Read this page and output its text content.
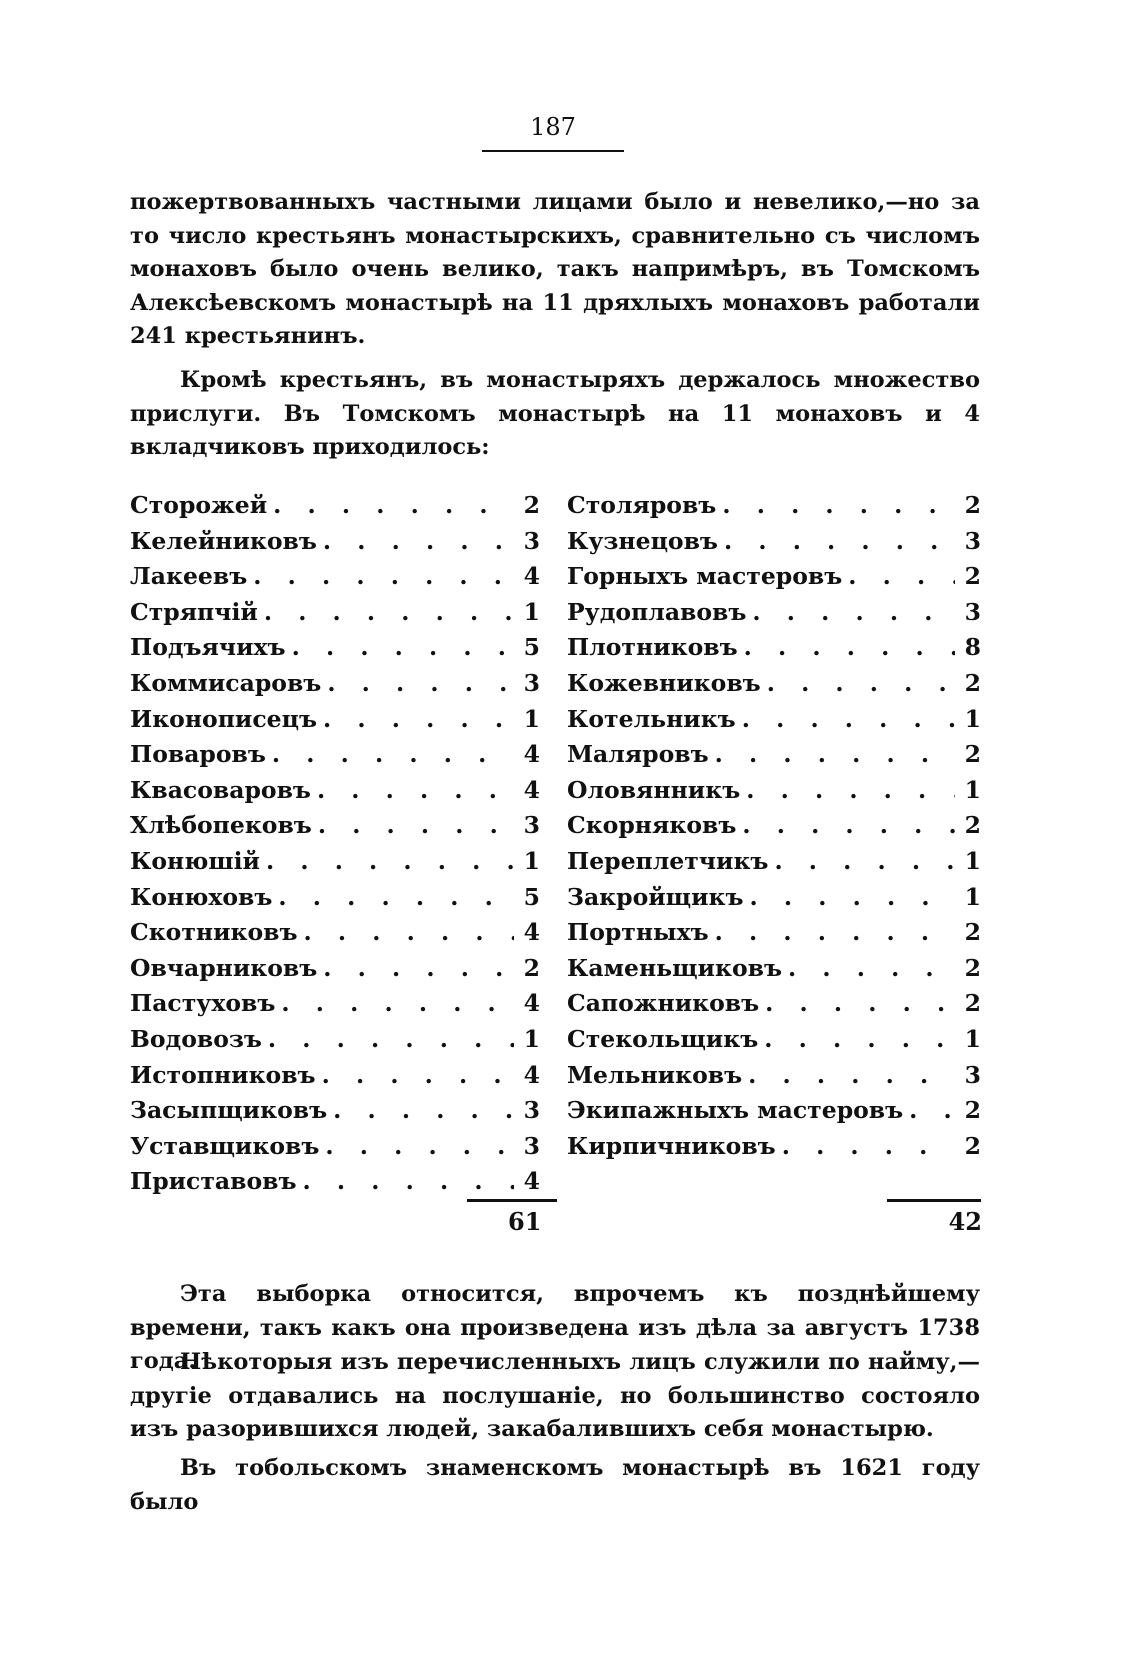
187

пожертвованныхъ частными лицами было и невелико,—но за то число крестьянъ монастырскихъ, сравнительно съ числомъ монаховъ было очень велико, такъ напримѣръ, въ Томскомъ Алексѣевскомъ монастырѣ на 11 дряхлыхъ монаховъ работали 241 крестьянинъ.

Кромѣ крестьянъ, въ монастыряхъ держалось множество прислуги. Въ Томскомъ монастырѣ на 11 монаховъ и 4 вкладчиковъ приходилось:

Сторожей . . .	2
Келейниковъ . . .	3
Лакеевъ . . .	4
Стряпчій . . .	1
Подъячихъ . . .	5
Коммисаровъ . . .	3
Иконописецъ . . .	1
Поваровъ . . .	4
Квасоваровъ . . .	4
Хлѣбопековъ . . .	3
Конюшій . . .	1
Конюховъ . . .	5
Скотниковъ . . .	4
Овчарниковъ . . .	2
Пастуховъ . . .	4
Водовозъ . . .	1
Истопниковъ . . .	4
Засыпщиковъ . . .	3
Уставщиковъ . . .	3
Приставовъ . . .	4
Столяровъ . . .	2
Кузнецовъ . . .	3
Горныхъ мастеровъ . . .	2
Рудоплавовъ . . .	3
Плотниковъ . . .	8
Кожевниковъ . . .	2
Котельникъ . . .	1
Маляровъ . . .	2
Оловянникъ . . .	1
Скорняковъ . . .	2
Переплетчикъ . . .	1
Закройщикъ . . .	1
Портныхъ . . .	2
Каменьщиковъ . . .	2
Сапожниковъ . . .	2
Стекольщикъ . . .	1
Мельниковъ . . .	3
Экипажныхъ мастеровъ . . .	2
Кирпичниковъ . . .	2
61	42

Эта выборка относится, впрочемъ къ позднѣйшему времени, такъ какъ она произведена изъ дѣла за августъ 1738 года.

Нѣкоторыя изъ перечисленныхъ лицъ служили по найму,—другіе отдавались на послушаніе, но большинство состояло изъ разорившихся людей, закабалившихъ себя монастырю.

Въ тобольскомъ знаменскомъ монастырѣ въ 1621 году было
